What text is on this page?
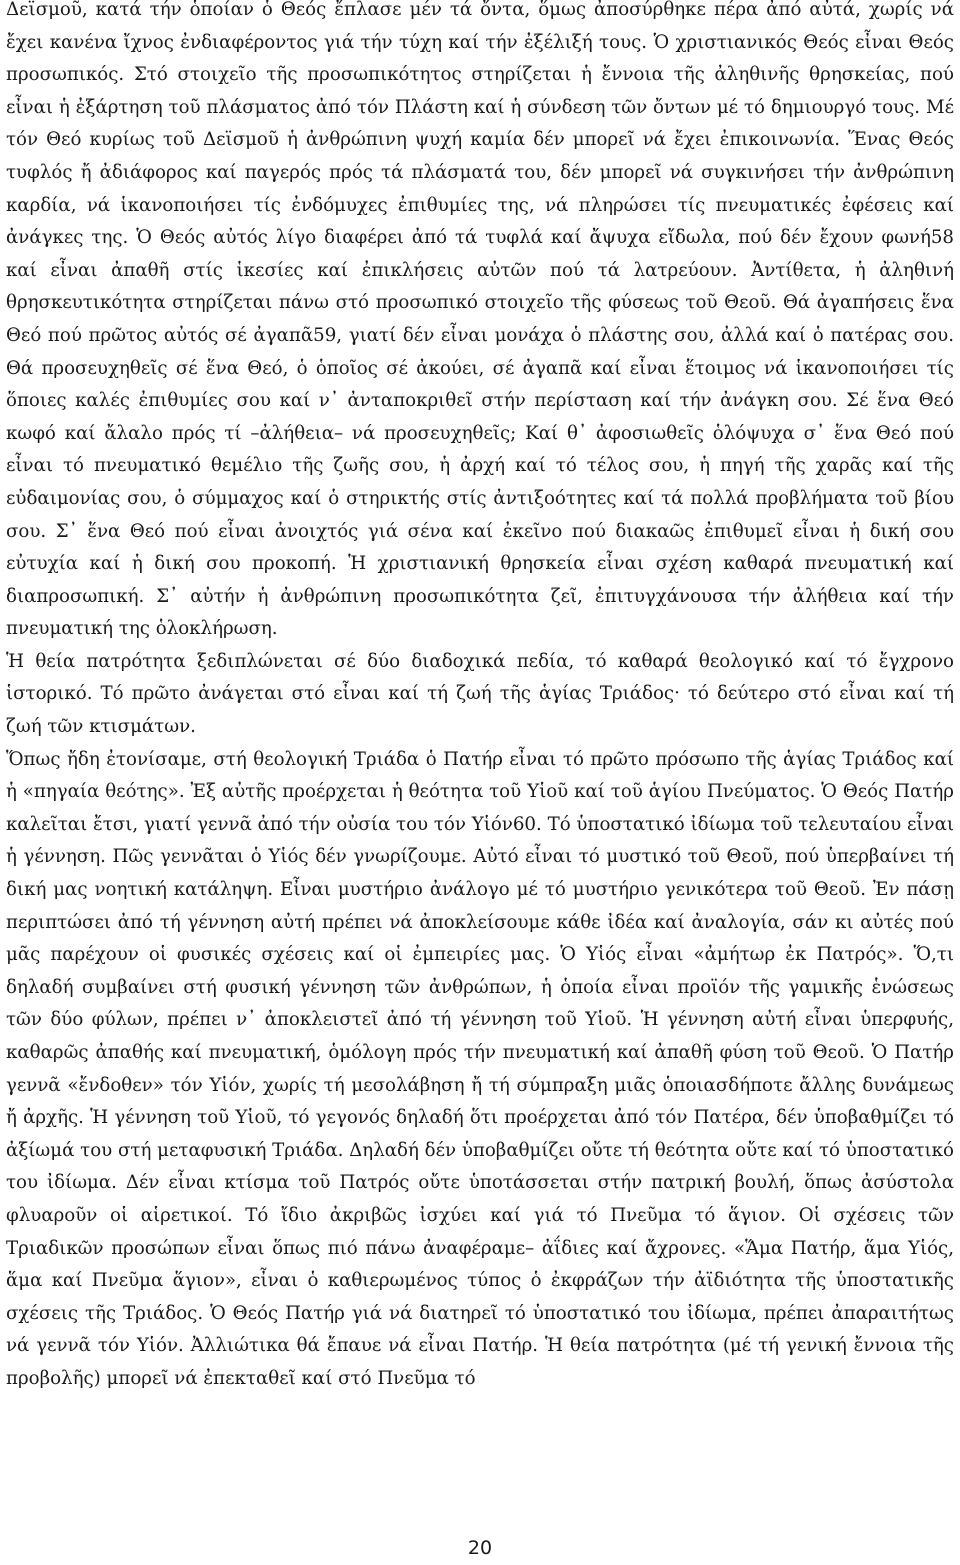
Δεϊσμοῦ, κατά τήν ὁποίαν ὁ Θεός ἔπλασε μέν τά ὄντα, ὅμως ἀποσύρθηκε πέρα ἀπό αὐτά, χωρίς νά ἔχει κανένα ἴχνος ἐνδιαφέροντος γιά τήν τύχη καί τήν ἐξέλιξή τους. Ὁ χριστιανικός Θεός εἶναι Θεός προσωπικός. Στό στοιχεῖο τῆς προσωπικότητος στηρίζεται ἡ ἔννοια τῆς ἀληθινῆς θρησκείας, πού εἶναι ἡ ἐξάρτηση τοῦ πλάσματος ἀπό τόν Πλάστη καί ἡ σύνδεση τῶν ὄντων μέ τό δημιουργό τους. Μέ τόν Θεό κυρίως τοῦ Δεϊσμοῦ ἡ ἀνθρώπινη ψυχή καμία δέν μπορεῖ νά ἔχει ἐπικοινωνία. Ἕνας Θεός τυφλός ἤ ἀδιάφορος καί παγερός πρός τά πλάσματά του, δέν μπορεῖ νά συγκινήσει τήν ἀνθρώπινη καρδία, νά ἱκανοποιήσει τίς ἐνδόμυχες ἐπιθυμίες της, νά πληρώσει τίς πνευματικές ἐφέσεις καί ἀνάγκες της. Ὁ Θεός αὐτός λίγο διαφέρει ἀπό τά τυφλά καί ἄψυχα εἴδωλα, πού δέν ἔχουν φωνή58 καί εἶναι ἀπαθῆ στίς ἱκεσίες καί ἐπικλήσεις αὐτῶν πού τά λατρεύουν. Ἀντίθετα, ἡ ἀληθινή θρησκευτικότητα στηρίζεται πάνω στό προσωπικό στοιχεῖο τῆς φύσεως τοῦ Θεοῦ. Θά ἀγαπήσεις ἕνα Θεό πού πρῶτος αὐτός σέ ἀγαπᾶ59, γιατί δέν εἶναι μονάχα ὁ πλάστης σου, ἀλλά καί ὁ πατέρας σου. Θά προσευχηθεῖς σέ ἕνα Θεό, ὁ ὁποῖος σέ ἀκούει, σέ ἀγαπᾶ καί εἶναι ἕτοιμος νά ἱκανοποιήσει τίς ὅποιες καλές ἐπιθυμίες σου καί ν᾿ ἀνταποκριθεῖ στήν περίσταση καί τήν ἀνάγκη σου. Σέ ἕνα Θεό κωφό καί ἄλαλο πρός τί –ἀλήθεια– νά προσευχηθεῖς; Καί θ᾿ ἀφοσιωθεῖς ὁλόψυχα σ᾿ ἕνα Θεό πού εἶναι τό πνευματικό θεμέλιο τῆς ζωῆς σου, ἡ ἀρχή καί τό τέλος σου, ἡ πηγή τῆς χαρᾶς καί τῆς εὐδαιμονίας σου, ὁ σύμμαχος καί ὁ στηρικτής στίς ἀντιξοότητες καί τά πολλά προβλήματα τοῦ βίου σου. Σ᾿ ἕνα Θεό πού εἶναι ἀνοιχτός γιά σένα καί ἐκεῖνο πού διακαῶς ἐπιθυμεῖ εἶναι ἡ δική σου εὐτυχία καί ἡ δική σου προκοπή. Ἡ χριστιανική θρησκεία εἶναι σχέση καθαρά πνευματική καί διαπροσωπική. Σ᾿ αὐτήν ἡ ἀνθρώπινη προσωπικότητα ζεῖ, ἐπιτυγχάνουσα τήν ἀλήθεια καί τήν πνευματική της ὁλοκλήρωση.

Ἡ θεία πατρότητα ξεδιπλώνεται σέ δύο διαδοχικά πεδία, τό καθαρά θεολογικό καί τό ἔγχρονο ἱστορικό. Τό πρῶτο ἀνάγεται στό εἶναι καί τή ζωή τῆς ἁγίας Τριάδος· τό δεύτερο στό εἶναι καί τή ζωή τῶν κτισμάτων.

Ὅπως ἤδη ἐτονίσαμε, στή θεολογική Τριάδα ὁ Πατήρ εἶναι τό πρῶτο πρόσωπο τῆς ἁγίας Τριάδος καί ἡ «πηγαία θεότης». Ἐξ αὐτῆς προέρχεται ἡ θεότητα τοῦ Υἱοῦ καί τοῦ ἁγίου Πνεύματος. Ὁ Θεός Πατήρ καλεῖται ἔτσι, γιατί γεννᾶ ἀπό τήν οὐσία του τόν Υἱόν60. Τό ὑποστατικό ἰδίωμα τοῦ τελευταίου εἶναι ἡ γέννηση. Πῶς γεννᾶται ὁ Υἱός δέν γνωρίζουμε. Αὐτό εἶναι τό μυστικό τοῦ Θεοῦ, πού ὑπερβαίνει τή δική μας νοητική κατάληψη. Εἶναι μυστήριο ἀνάλογο μέ τό μυστήριο γενικότερα τοῦ Θεοῦ. Ἐν πάσῃ περιπτώσει ἀπό τή γέννηση αὐτή πρέπει νά ἀποκλείσουμε κάθε ἰδέα καί ἀναλογία, σάν κι αὐτές πού μᾶς παρέχουν οἱ φυσικές σχέσεις καί οἱ ἐμπειρίες μας. Ὁ Υἱός εἶναι «ἀμήτωρ ἐκ Πατρός». Ὅ,τι δηλαδή συμβαίνει στή φυσική γέννηση τῶν ἀνθρώπων, ἡ ὁποία εἶναι προϊόν τῆς γαμικῆς ἑνώσεως τῶν δύο φύλων, πρέπει ν᾿ ἀποκλειστεῖ ἀπό τή γέννηση τοῦ Υἱοῦ. Ἡ γέννηση αὐτή εἶναι ὑπερφυής, καθαρῶς ἀπαθής καί πνευματική, ὁμόλογη πρός τήν πνευματική καί ἀπαθῆ φύση τοῦ Θεοῦ. Ὁ Πατήρ γεννᾶ «ἔνδοθεν» τόν Υἱόν, χωρίς τή μεσολάβηση ἤ τή σύμπραξη μιᾶς ὁποιασδήποτε ἄλλης δυνάμεως ἤ ἀρχῆς. Ἡ γέννηση τοῦ Υἱοῦ, τό γεγονός δηλαδή ὅτι προέρχεται ἀπό τόν Πατέρα, δέν ὑποβαθμίζει τό ἀξίωμά του στή μεταφυσική Τριάδα. Δηλαδή δέν ὑποβαθμίζει οὔτε τή θεότητα οὔτε καί τό ὑποστατικό του ἰδίωμα. Δέν εἶναι κτίσμα τοῦ Πατρός οὔτε ὑποτάσσεται στήν πατρική βουλή, ὅπως ἀσύστολα φλυαροῦν οἱ αἱρετικοί. Τό ἴδιο ἀκριβῶς ἰσχύει καί γιά τό Πνεῦμα τό ἅγιον. Οἱ σχέσεις τῶν Τριαδικῶν προσώπων εἶναι ὅπως πιό πάνω ἀναφέραμε– ἀΐδιες καί ἄχρονες. «Ἅμα Πατήρ, ἅμα Υἱός, ἅμα καί Πνεῦμα ἅγιον», εἶναι ὁ καθιερωμένος τύπος ὁ ἐκφράζων τήν ἀϊδιότητα τῆς ὑποστατικῆς σχέσεις τῆς Τριάδος. Ὁ Θεός Πατήρ γιά νά διατηρεῖ τό ὑποστατικό του ἰδίωμα, πρέπει ἀπαραιτήτως νά γεννᾶ τόν Υἱόν. Ἀλλιώτικα θά ἔπαυε νά εἶναι Πατήρ. Ἡ θεία πατρότητα (μέ τή γενική ἔννοια τῆς προβολῆς) μπορεῖ νά ἐπεκταθεῖ καί στό Πνεῦμα τό

20
